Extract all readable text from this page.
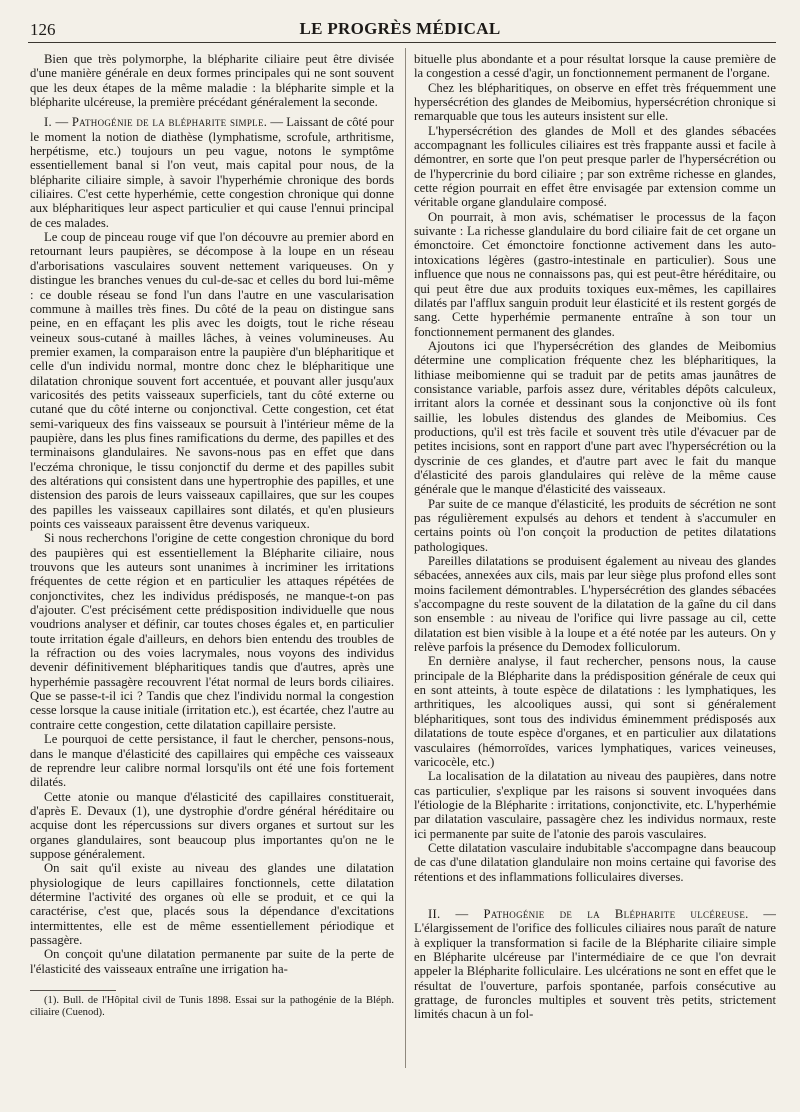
126	LE PROGRÈS MÉDICAL

Bien que très polymorphe, la blépharite ciliaire peut être divisée d'une manière générale en deux formes principales qui ne sont souvent que les deux étapes de la même maladie : la blépharite simple et la blépharite ulcéreuse, la première précédant généralement la seconde.

I. — Pathogénie de la blépharite simple. — Laissant de côté pour le moment la notion de diathèse (lymphatisme, scrofule, arthritisme, herpétisme, etc.) toujours un peu vague, notons le symptôme essentiellement banal si l'on veut, mais capital pour nous, de la blépharite ciliaire simple, à savoir l'hyperhémie chronique des bords ciliaires. C'est cette hyperhémie, cette congestion chronique qui donne aux blépharitiques leur aspect particulier et qui cause l'ennui principal de ces malades.

Le coup de pinceau rouge vif que l'on découvre au premier abord en retournant leurs paupières, se décompose à la loupe en un réseau d'arborisations vasculaires souvent nettement variqueuses. On y distingue les branches venues du cul-de-sac et celles du bord lui-même : ce double réseau se fond l'un dans l'autre en une vascularisation commune à mailles très fines. Du côté de la peau on distingue sans peine, en en effaçant les plis avec les doigts, tout le riche réseau veineux sous-cutané à mailles lâches, à veines volumineuses. Au premier examen, la comparaison entre la paupière d'un blépharitique et celle d'un individu normal, montre donc chez le blépharitique une dilatation chronique souvent fort accentuée, et pouvant aller jusqu'aux varicosités des petits vaisseaux superficiels, tant du côté externe ou cutané que du côté interne ou conjonctival. Cette congestion, cet état semi-variqueux des fins vaisseaux se poursuit à l'intérieur même de la paupière, dans les plus fines ramifications du derme, des papilles et des terminaisons glandulaires. Ne savons-nous pas en effet que dans l'eczéma chronique, le tissu conjonctif du derme et des papilles subit des altérations qui consistent dans une hypertrophie des papilles, et une distension des parois de leurs vaisseaux capillaires, que sur les coupes des papilles les vaisseaux capillaires sont dilatés, et qu'en plusieurs points ces vaisseaux paraissent être devenus variqueux.

Si nous recherchons l'origine de cette congestion chronique du bord des paupières qui est essentiellement la Blépharite ciliaire, nous trouvons que les auteurs sont unanimes à incriminer les irritations fréquentes de cette région et en particulier les attaques répétées de conjonctivites, chez les individus prédisposés, ne manque-t-on pas d'ajouter. C'est précisément cette prédisposition individuelle que nous voudrions analyser et définir, car toutes choses égales et, en particulier toute irritation égale d'ailleurs, en dehors bien entendu des troubles de la réfraction ou des voies lacrymales, nous voyons des individus devenir définitivement blépharitiques tandis que d'autres, après une hyperhémie passagère recouvrent l'état normal de leurs bords ciliaires. Que se passe-t-il ici ? Tandis que chez l'individu normal la congestion cesse lorsque la cause initiale (irritation etc.), est écartée, chez l'autre au contraire cette congestion, cette dilatation capillaire persiste.

Le pourquoi de cette persistance, il faut le chercher, pensons-nous, dans le manque d'élasticité des capillaires qui empêche ces vaisseaux de reprendre leur calibre normal lorsqu'ils ont été une fois fortement dilatés.

Cette atonie ou manque d'élasticité des capillaires constituerait, d'après E. Devaux (1), une dystrophie d'ordre général héréditaire ou acquise dont les répercussions sur divers organes et surtout sur les organes glandulaires, sont beaucoup plus importantes qu'on ne le suppose généralement.

On sait qu'il existe au niveau des glandes une dilatation physiologique de leurs capillaires fonctionnels, cette dilatation détermine l'activité des organes où elle se produit, et ce qui la caractérise, c'est que, placés sous la dépendance d'excitations intermittentes, elle est de même essentiellement périodique et passagère.

On conçoit qu'une dilatation permanente par suite de la perte de l'élasticité des vaisseaux entraîne une irrigation ha-

(1). Bull. de l'Hôpital civil de Tunis 1898. Essai sur la pathogénie de la Bléph. ciliaire (Cuenod).

bituelle plus abondante et a pour résultat lorsque la cause première de la congestion a cessé d'agir, un fonctionnement permanent de l'organe.

Chez les blépharitiques, on observe en effet très fréquemment une hypersécrétion des glandes de Meibomius, hypersécrétion chronique si remarquable que tous les auteurs insistent sur elle.

L'hypersécrétion des glandes de Moll et des glandes sébacées accompagnant les follicules ciliaires est très frappante aussi et facile à démontrer, en sorte que l'on peut presque parler de l'hypersécrétion ou de l'hypercrinie du bord ciliaire ; par son extrême richesse en glandes, cette région pourrait en effet être envisagée par extension comme un véritable organe glandulaire composé.

On pourrait, à mon avis, schématiser le processus de la façon suivante : La richesse glandulaire du bord ciliaire fait de cet organe un émonctoire. Cet émonctoire fonctionne activement dans les auto-intoxications légères (gastro-intestinale en particulier). Sous une influence que nous ne connaissons pas, qui est peut-être héréditaire, ou qui peut être due aux produits toxiques eux-mêmes, les capillaires dilatés par l'afflux sanguin produit leur élasticité et ils restent gorgés de sang. Cette hyperhémie permanente entraîne à son tour un fonctionnement permanent des glandes.

Ajoutons ici que l'hypersécrétion des glandes de Meibomius détermine une complication fréquente chez les blépharitiques, la lithiase meibomienne qui se traduit par de petits amas jaunâtres de consistance variable, parfois assez dure, véritables dépôts calculeux, irritant alors la cornée et dessinant sous la conjonctive où ils font saillie, les lobules distendus des glandes de Meibomius. Ces productions, qu'il est très facile et souvent très utile d'évacuer par de petites incisions, sont en rapport d'une part avec l'hypersécrétion ou la dyscrinie de ces glandes, et d'autre part avec le fait du manque d'élasticité des parois glandulaires qui relève de la même cause générale que le manque d'élasticité des vaisseaux.

Par suite de ce manque d'élasticité, les produits de sécrétion ne sont pas régulièrement expulsés au dehors et tendent à s'accumuler en certains points où l'on conçoit la production de petites dilatations pathologiques.

Pareilles dilatations se produisent également au niveau des glandes sébacées, annexées aux cils, mais par leur siège plus profond elles sont moins facilement démontrables. L'hypersécrétion des glandes sébacées s'accompagne du reste souvent de la dilatation de la gaîne du cil dans son ensemble : au niveau de l'orifice qui livre passage au cil, cette dilatation est bien visible à la loupe et a été notée par les auteurs. On y relève parfois la présence du Demodex folliculorum.

En dernière analyse, il faut rechercher, pensons nous, la cause principale de la Blépharite dans la prédisposition générale de ceux qui en sont atteints, à toute espèce de dilatations : les lymphatiques, les arthritiques, les alcooliques aussi, qui sont si généralement blépharitiques, sont tous des individus éminemment prédisposés aux dilatations de toute espèce d'organes, et en particulier aux dilatations vasculaires (hémorroïdes, varices lymphatiques, varices veineuses, varicocèle, etc.)

La localisation de la dilatation au niveau des paupières, dans notre cas particulier, s'explique par les raisons si souvent invoquées dans l'étiologie de la Blépharite : irritations, conjonctivite, etc. L'hyperhémie par dilatation vasculaire, passagère chez les individus normaux, reste ici permanente par suite de l'atonie des parois vasculaires.

Cette dilatation vasculaire indubitable s'accompagne dans beaucoup de cas d'une dilatation glandulaire non moins certaine qui favorise des rétentions et des inflammations folliculaires diverses.

II. — Pathogénie de la Blépharite ulcéreuse. — L'élargissement de l'orifice des follicules ciliaires nous paraît de nature à expliquer la transformation si facile de la Blépharite ciliaire simple en Blépharite ulcéreuse par l'intermédiaire de ce que l'on devrait appeler la Blépharite folliculaire. Les ulcérations ne sont en effet que le résultat de l'ouverture, parfois spontanée, parfois consécutive au grattage, de furoncles multiples et souvent très petits, strictement limités chacun à un fol-
